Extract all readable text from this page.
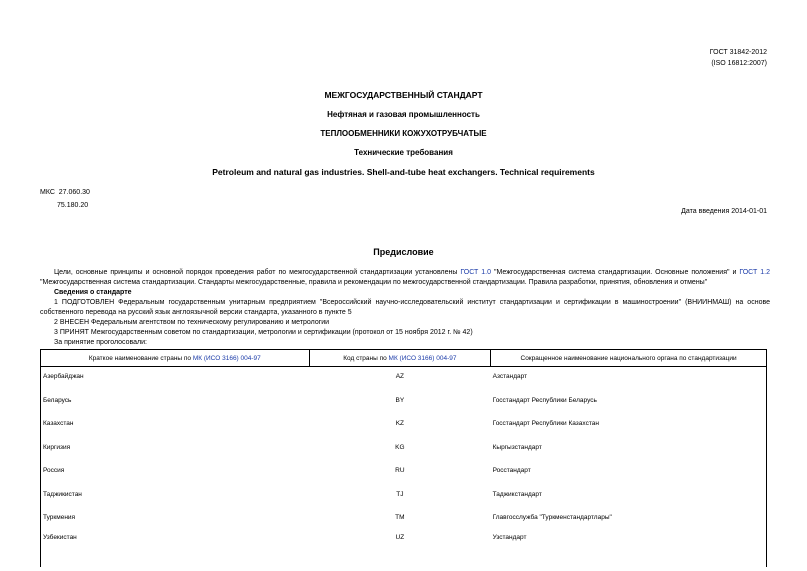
ГОСТ 31842-2012
(ISO 16812:2007)
МЕЖГОСУДАРСТВЕННЫЙ СТАНДАРТ
Нефтяная и газовая промышленность
ТЕПЛООБМЕННИКИ КОЖУХОТРУБЧАТЫЕ
Технические требования
Petroleum and natural gas industries. Shell-and-tube heat exchangers. Technical requirements
МКС 27.060.30
75.180.20
Дата введения 2014-01-01
Предисловие

Цели, основные принципы и основной порядок проведения работ по межгосударственной стандартизации установлены ГОСТ 1.0 "Межгосударственная система стандартизации. Основные положения" и ГОСТ 1.2 "Межгосударственная система стандартизации. Стандарты межгосударственные, правила и рекомендации по межгосударственной стандартизации. Правила разработки, принятия, обновления и отмены"

Сведения о стандарте

1 ПОДГОТОВЛЕН Федеральным государственным унитарным предприятием "Всероссийский научно-исследовательский институт стандартизации и сертификации в машиностроении" (ВНИИНМАШ) на основе собственного перевода на русский язык англоязычной версии стандарта, указанного в пункте 5

2 ВНЕСЕН Федеральным агентством по техническому регулированию и метрологии

3 ПРИНЯТ Межгосударственным советом по стандартизации, метрологии и сертификации (протокол от 15 ноября 2012 г. № 42)

За принятие проголосовали:

Краткое наименование страны по МК (ИСО 3166) 004-97	Код страны по МК (ИСО 3166) 004-97	Сокращенное наименование национального органа по стандартизации
Азербайджан	AZ	Азстандарт
Беларусь	BY	Госстандарт Республики Беларусь
Казахстан	KZ	Госстандарт Республики Казахстан
Киргизия	KG	Кыргызстандарт
Россия	RU	Росстандарт
Таджикистан	TJ	Таджикстандарт
Туркмения	TM	Главгосслужба "Туркменстандартлары"
Узбекистан	UZ	Узстандарт
